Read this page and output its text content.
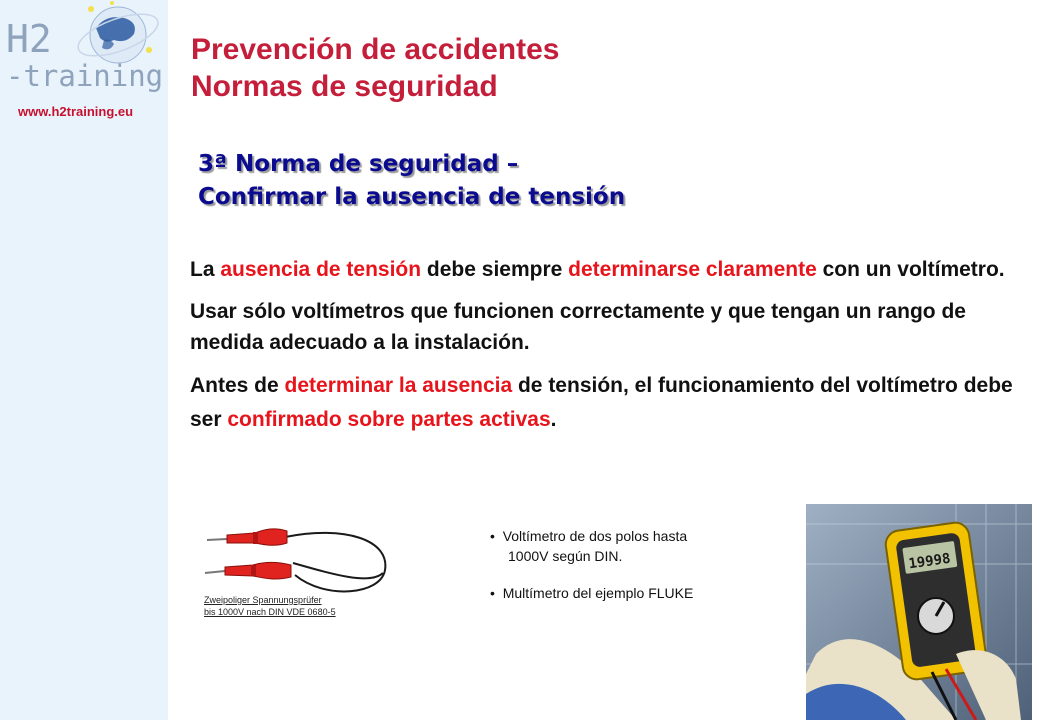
H2
-training
www.h2training.eu
Prevención de accidentes
Normas de seguridad
3ª Norma de seguridad –
Confirmar la ausencia de tensión

La ausencia de tensión debe siempre determinarse claramente con un voltímetro.

Usar sólo voltímetros que funcionen correctamente y que tengan un rango de medida adecuado a la instalación.

Antes de determinar la ausencia de tensión, el funcionamiento del voltímetro debe ser confirmado sobre partes activas.

Zweipoliger Spannungsprüfer
bis 1000V nach DIN VDE 0680-5
•  Voltímetro de dos polos hasta
1000V según DIN.
•  Multímetro del ejemplo FLUKE
19998
